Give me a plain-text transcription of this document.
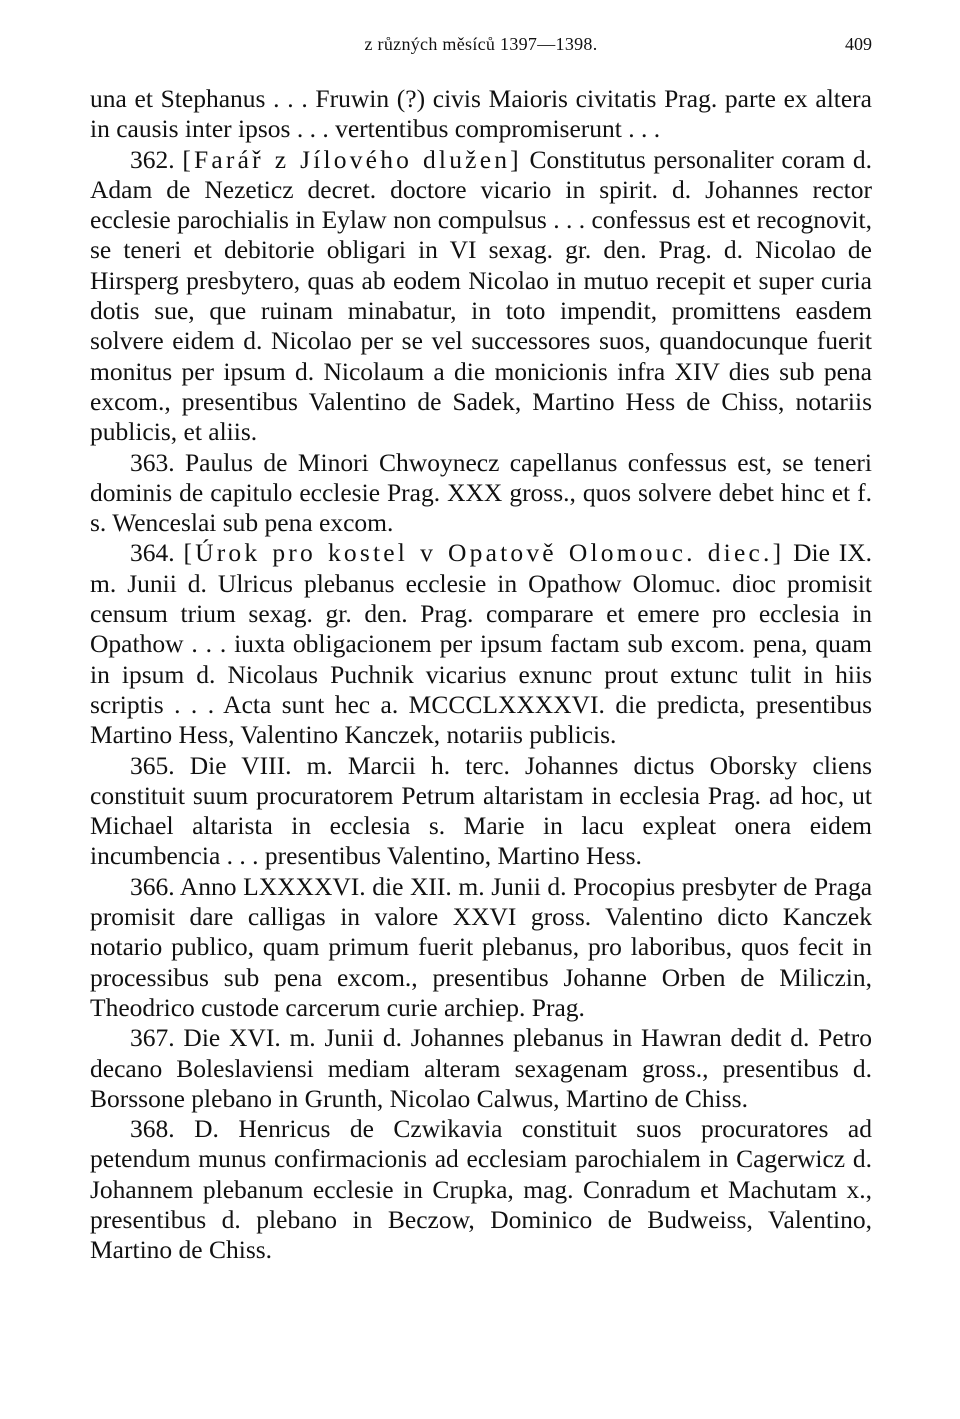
z různých měsíců 1397—1398.	409

una et Stephanus . . . Fruwin (?) civis Maioris civitatis Prag. parte ex altera in causis inter ipsos . . . vertentibus compromiserunt . . .

362. [Farář z Jílového dlužen] Constitutus personaliter coram d. Adam de Nezeticz decret. doctore vicario in spirit. d. Johannes rector ecclesie parochialis in Eylaw non compulsus . . . confessus est et recognovit, se teneri et debitorie obligari in VI sexag. gr. den. Prag. d. Nicolao de Hirsperg presbytero, quas ab eodem Nicolao in mutuo recepit et super curia dotis sue, que ruinam minabatur, in toto impendit, promittens easdem solvere eidem d. Nicolao per se vel successores suos, quandocunque fuerit monitus per ipsum d. Nicolaum a die monicionis infra XIV dies sub pena excom., presentibus Valentino de Sadek, Martino Hess de Chiss, notariis publicis, et aliis.

363. Paulus de Minori Chwoynecz capellanus confessus est, se teneri dominis de capitulo ecclesie Prag. XXX gross., quos solvere debet hinc et f. s. Wenceslai sub pena excom.

364. [Úrok pro kostel v Opatově Olomouc. diec.] Die IX. m. Junii d. Ulricus plebanus ecclesie in Opathow Olomuc. dioc promisit censum trium sexag. gr. den. Prag. comparare et emere pro ecclesia in Opathow . . . iuxta obligacionem per ipsum factam sub excom. pena, quam in ipsum d. Nicolaus Puchnik vicarius exnunc prout extunc tulit in hiis scriptis . . . Acta sunt hec a. MCCCLXXXXVI. die predicta, presentibus Martino Hess, Valentino Kanczek, notariis publicis.

365. Die VIII. m. Marcii h. terc. Johannes dictus Oborsky cliens constituit suum procuratorem Petrum altaristam in ecclesia Prag. ad hoc, ut Michael altarista in ecclesia s. Marie in lacu expleat onera eidem incumbencia . . . presentibus Valentino, Martino Hess.

366. Anno LXXXXVI. die XII. m. Junii d. Procopius presbyter de Praga promisit dare calligas in valore XXVI gross. Valentino dicto Kanczek notario publico, quam primum fuerit plebanus, pro laboribus, quos fecit in processibus sub pena excom., presentibus Johanne Orben de Miliczin, Theodrico custode carcerum curie archiep. Prag.

367. Die XVI. m. Junii d. Johannes plebanus in Hawran dedit d. Petro decano Boleslaviensi mediam alteram sexagenam gross., presentibus d. Borssone plebano in Grunth, Nicolao Calwus, Martino de Chiss.

368. D. Henricus de Czwikavia constituit suos procuratores ad petendum munus confirmacionis ad ecclesiam parochialem in Cagerwicz d. Johannem plebanum ecclesie in Crupka, mag. Conradum et Machutam x., presentibus d. plebano in Beczow, Dominico de Budweiss, Valentino, Martino de Chiss.
